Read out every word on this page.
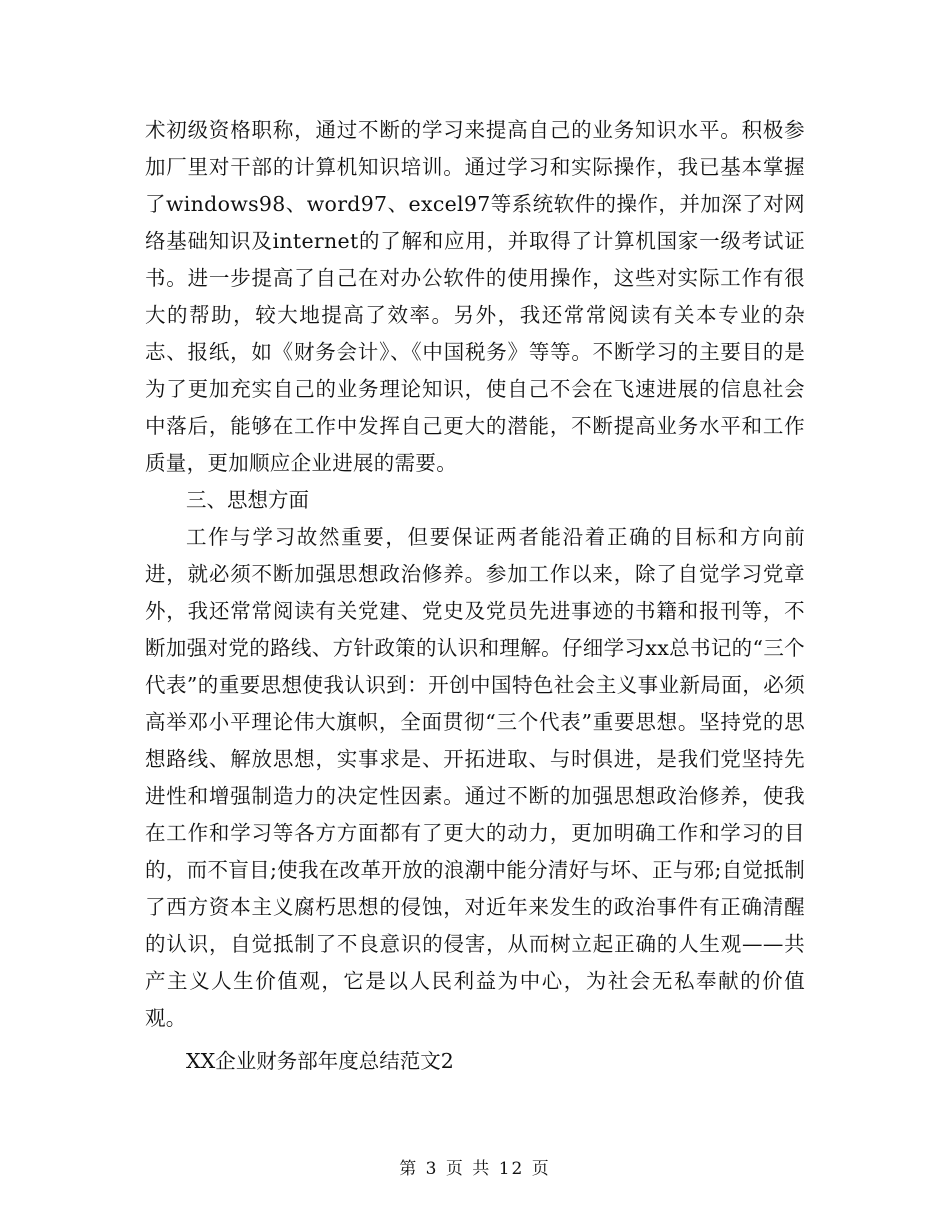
术初级资格职称，通过不断的学习来提高自己的业务知识水平。积极参加厂里对干部的计算机知识培训。通过学习和实际操作，我已基本掌握了windows98、word97、excel97等系统软件的操作，并加深了对网络基础知识及internet的了解和应用，并取得了计算机国家一级考试证书。进一步提高了自己在对办公软件的使用操作，这些对实际工作有很大的帮助，较大地提高了效率。另外，我还常常阅读有关本专业的杂志、报纸，如《财务会计》、《中国税务》等等。不断学习的主要目的是为了更加充实自己的业务理论知识，使自己不会在飞速进展的信息社会中落后，能够在工作中发挥自己更大的潜能，不断提高业务水平和工作质量，更加顺应企业进展的需要。

三、思想方面

工作与学习故然重要，但要保证两者能沿着正确的目标和方向前进，就必须不断加强思想政治修养。参加工作以来，除了自觉学习党章外，我还常常阅读有关党建、党史及党员先进事迹的书籍和报刊等，不断加强对党的路线、方针政策的认识和理解。仔细学习xx总书记的“三个代表”的重要思想使我认识到：开创中国特色社会主义事业新局面，必须高举邓小平理论伟大旗帜，全面贯彻“三个代表”重要思想。坚持党的思想路线、解放思想，实事求是、开拓进取、与时俱进，是我们党坚持先进性和增强制造力的决定性因素。通过不断的加强思想政治修养，使我在工作和学习等各方方面都有了更大的动力，更加明确工作和学习的目的，而不盲目;使我在改革开放的浪潮中能分清好与坏、正与邪;自觉抵制了西方资本主义腐朽思想的侵蚀，对近年来发生的政治事件有正确清醒的认识，自觉抵制了不良意识的侵害，从而树立起正确的人生观——共产主义人生价值观，它是以人民利益为中心，为社会无私奉献的价值观。

XX企业财务部年度总结范文2

第 3 页 共 12 页
